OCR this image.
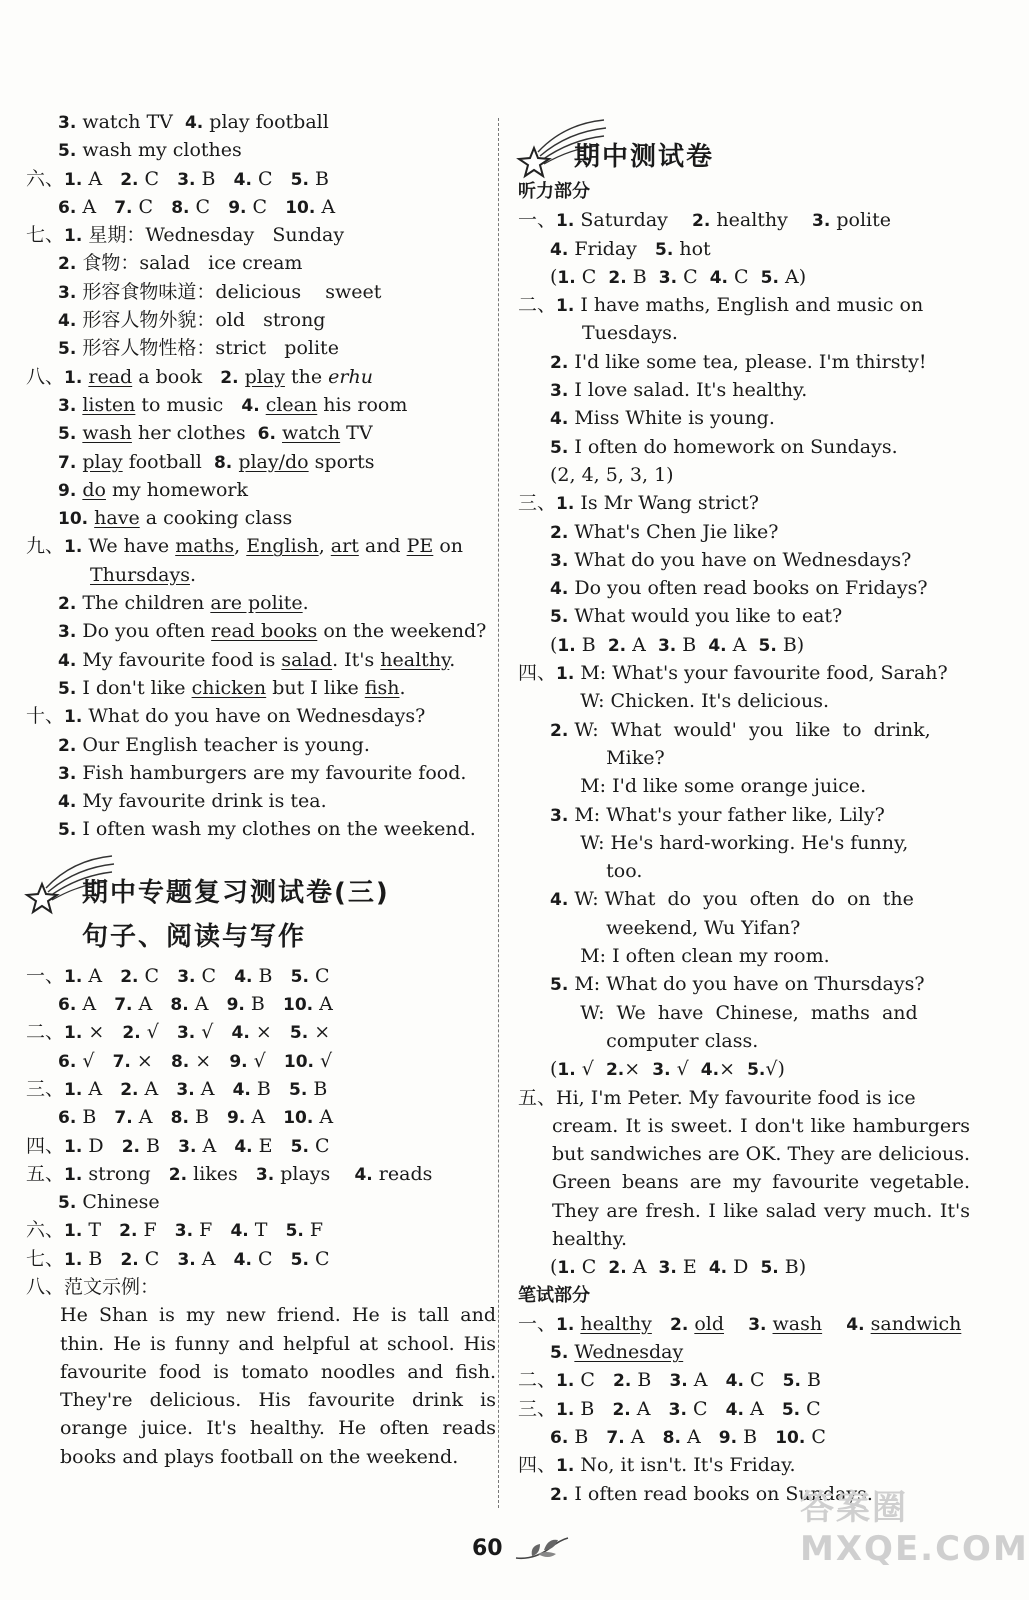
3. watch TV  4. play football
5. wash my clothes
六、1. A   2. C   3. B   4. C   5. B
6. A   7. C   8. C   9. C   10. A
七、1. 星期：Wednesday   Sunday
2. 食物：salad   ice cream
3. 形容食物味道：delicious    sweet
4. 形容人物外貌：old   strong
5. 形容人物性格：strict   polite
八、1. read a book   2. play the erhu
3. listen to music   4. clean his room
5. wash her clothes  6. watch TV
7. play football  8. play/do sports
9. do my homework
10. have a cooking class
九、1. We have maths, English, art and PE on
Thursdays.
2. The children are polite.
3. Do you often read books on the weekend?
4. My favourite food is salad. It's healthy.
5. I don't like chicken but I like fish.
十、1. What do you have on Wednesdays?
2. Our English teacher is young.
3. Fish hamburgers are my favourite food.
4. My favourite drink is tea.
5. I often wash my clothes on the weekend.
期中专题复习测试卷(三)
句子、阅读与写作
一、1. A   2. C   3. C   4. B   5. C
6. A   7. A   8. A   9. B   10. A
二、1. ×   2. √   3. √   4. ×   5. ×
6. √   7. ×   8. ×   9. √   10. √
三、1. A   2. A   3. A   4. B   5. B
6. B   7. A   8. B   9. A   10. A
四、1. D   2. B   3. A   4. E   5. C
五、1. strong   2. likes   3. plays    4. reads
5. Chinese
六、1. T   2. F   3. F   4. T   5. F
七、1. B   2. C   3. A   4. C   5. C
八、范文示例：
He Shan is my new friend. He is tall and thin. He is funny and helpful at school. His favourite food is tomato noodles and fish. They're delicious. His favourite drink is orange juice. It's healthy. He often reads books and plays football on the weekend.
期中测试卷
听力部分
一、1. Saturday    2. healthy    3. polite
4. Friday   5. hot
(1. C  2. B  3. C  4. C  5. A)
二、1. I have maths, English and music on
Tuesdays.
2. I'd like some tea, please. I'm thirsty!
3. I love salad. It's healthy.
4. Miss White is young.
5. I often do homework on Sundays.
(2, 4, 5, 3, 1)
三、1. Is Mr Wang strict?
2. What's Chen Jie like?
3. What do you have on Wednesdays?
4. Do you often read books on Fridays?
5. What would you like to eat?
(1. B  2. A  3. B  4. A  5. B)
四、1. M: What's your favourite food, Sarah?
W: Chicken. It's delicious.
2. W:  What  would'  you  like  to  drink,
Mike?
M: I'd like some orange juice.
3. M: What's your father like, Lily?
W: He's hard-working. He's funny,
too.
4. W: What  do  you  often  do  on  the
weekend, Wu Yifan?
M: I often clean my room.
5. M: What do you have on Thursdays?
W:  We  have  Chinese,  maths  and
computer class.
(1. √  2.×  3. √  4.×  5.√)
五、Hi, I'm Peter. My favourite food is ice
cream. It is sweet. I don't like hamburgers but sandwiches are OK. They are delicious. Green beans are my favourite vegetable. They are fresh. I like salad very much. It's healthy.
(1. C  2. A  3. E  4. D  5. B)
笔试部分
一、1. healthy 2. old 3. wash 4. sandwich
5. Wednesday
二、1. C   2. B   3. A   4. C   5. B
三、1. B   2. A   3. C   4. A   5. C
6. B   7. A   8. A   9. B   10. C
四、1. No, it isn't. It's Friday.
2. I often read books on Sundays.
60
答案圈 MXQE.COM
